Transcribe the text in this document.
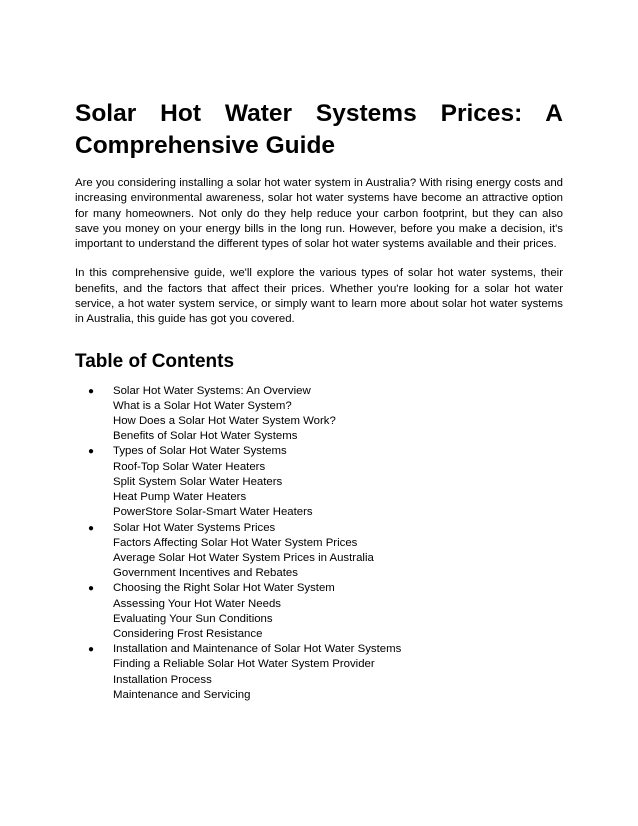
Solar Hot Water Systems Prices: A
Comprehensive Guide

Are you considering installing a solar hot water system in Australia? With rising energy costs and increasing environmental awareness, solar hot water systems have become an attractive option for many homeowners. Not only do they help reduce your carbon footprint, but they can also save you money on your energy bills in the long run. However, before you make a decision, it's important to understand the different types of solar hot water systems available and their prices.

In this comprehensive guide, we'll explore the various types of solar hot water systems, their benefits, and the factors that affect their prices. Whether you're looking for a solar hot water service, a hot water system service, or simply want to learn more about solar hot water systems in Australia, this guide has got you covered.

Table of Contents
● Solar Hot Water Systems: An Overview
What is a Solar Hot Water System?
How Does a Solar Hot Water System Work?
Benefits of Solar Hot Water Systems
● Types of Solar Hot Water Systems
Roof-Top Solar Water Heaters
Split System Solar Water Heaters
Heat Pump Water Heaters
PowerStore Solar-Smart Water Heaters
● Solar Hot Water Systems Prices
Factors Affecting Solar Hot Water System Prices
Average Solar Hot Water System Prices in Australia
Government Incentives and Rebates
● Choosing the Right Solar Hot Water System
Assessing Your Hot Water Needs
Evaluating Your Sun Conditions
Considering Frost Resistance
● Installation and Maintenance of Solar Hot Water Systems
Finding a Reliable Solar Hot Water System Provider
Installation Process
Maintenance and Servicing
